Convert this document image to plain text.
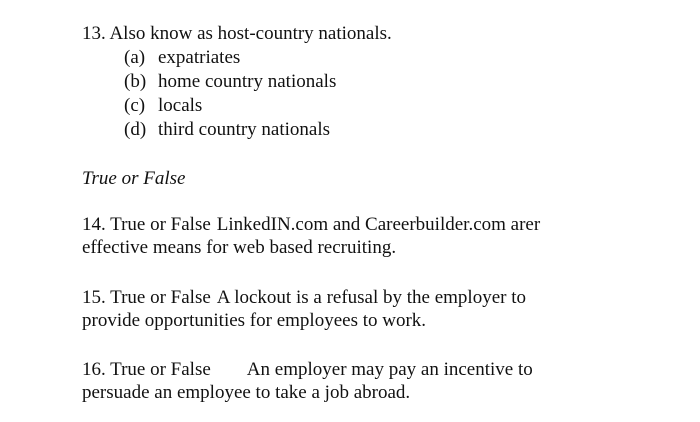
13. Also know as host-country nationals.
(a) expatriates
(b) home country nationals
(c) locals
(d) third country nationals
True or False
14. True or False LinkedIN.com and Careerbuilder.com arer
effective means for web based recruiting.
15. True or False A lockout is a refusal by the employer to
provide opportunities for employees to work.
16. True or False An employer may pay an incentive to
persuade an employee to take a job abroad.
